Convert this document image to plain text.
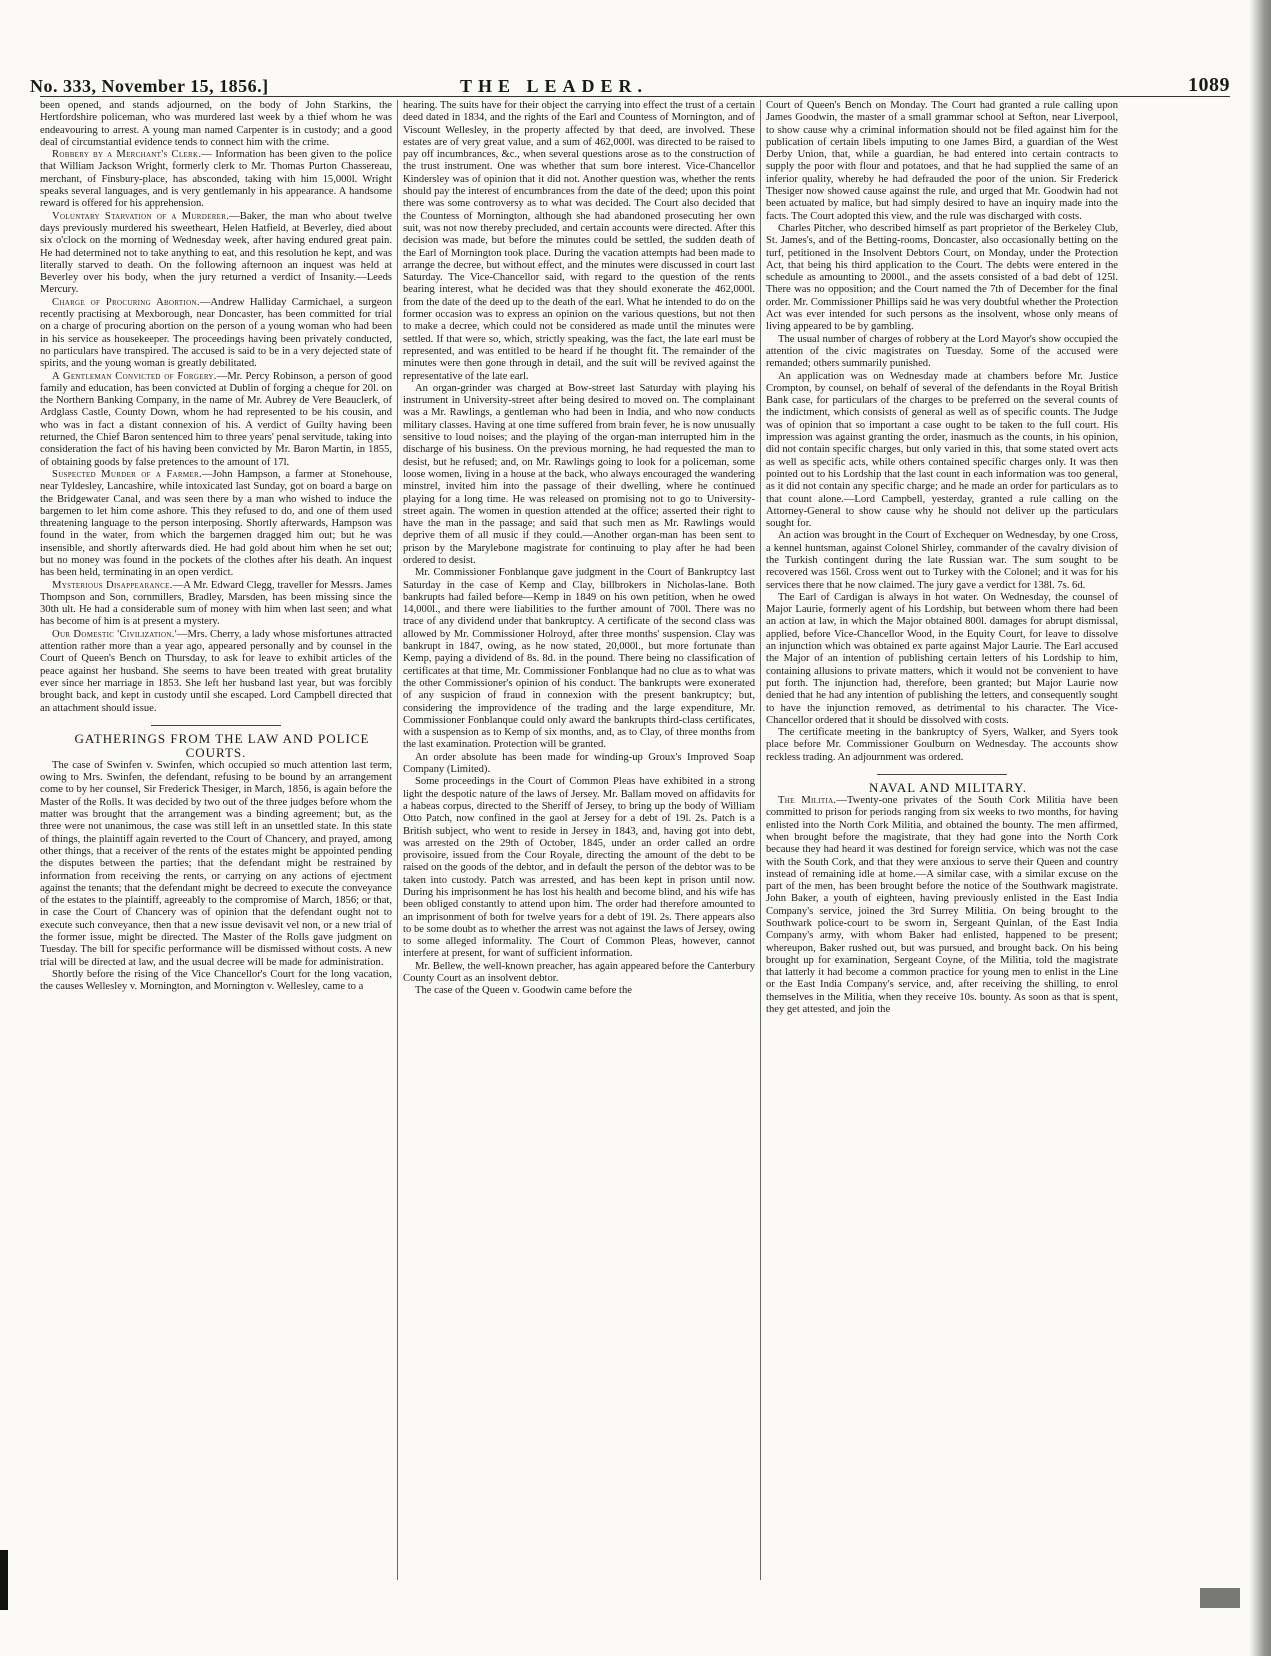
No. 333, November 15, 1856.]	THE LEADER.	1089

been opened, and stands adjourned, on the body of John Starkins, the Hertfordshire policeman, who was murdered last week by a thief whom he was endeavouring to arrest. A young man named Carpenter is in custody; and a good deal of circumstantial evidence tends to connect him with the crime.

Robbery by a Merchant's Clerk.— Information has been given to the police that William Jackson Wright, formerly clerk to Mr. Thomas Purton Chassereau, merchant, of Finsbury-place, has absconded, taking with him 15,000l. Wright speaks several languages, and is very gentlemanly in his appearance. A handsome reward is offered for his apprehension.

Voluntary Starvation of a Murderer.—Baker, the man who about twelve days previously murdered his sweetheart, Helen Hatfield, at Beverley, died about six o'clock on the morning of Wednesday week, after having endured great pain. He had determined not to take anything to eat, and this resolution he kept, and was literally starved to death. On the following afternoon an inquest was held at Beverley over his body, when the jury returned a verdict of Insanity.—Leeds Mercury.

Charge of Procuring Abortion.—Andrew Halliday Carmichael, a surgeon recently practising at Mexborough, near Doncaster, has been committed for trial on a charge of procuring abortion on the person of a young woman who had been in his service as housekeeper. The proceedings having been privately conducted, no particulars have transpired. The accused is said to be in a very dejected state of spirits, and the young woman is greatly debilitated.

A Gentleman Convicted of Forgery.—Mr. Percy Robinson, a person of good family and education, has been convicted at Dublin of forging a cheque for 20l. on the Northern Banking Company, in the name of Mr. Aubrey de Vere Beauclerk, of Ardglass Castle, County Down, whom he had represented to be his cousin, and who was in fact a distant connexion of his. A verdict of Guilty having been returned, the Chief Baron sentenced him to three years' penal servitude, taking into consideration the fact of his having been convicted by Mr. Baron Martin, in 1855, of obtaining goods by false pretences to the amount of 17l.

Suspected Murder of a Farmer.—John Hampson, a farmer at Stonehouse, near Tyldesley, Lancashire, while intoxicated last Sunday, got on board a barge on the Bridgewater Canal, and was seen there by a man who wished to induce the bargemen to let him come ashore. This they refused to do, and one of them used threatening language to the person interposing. Shortly afterwards, Hampson was found in the water, from which the bargemen dragged him out; but he was insensible, and shortly afterwards died. He had gold about him when he set out; but no money was found in the pockets of the clothes after his death. An inquest has been held, terminating in an open verdict.

Mysterious Disappearance.—A Mr. Edward Clegg, traveller for Messrs. James Thompson and Son, cornmillers, Bradley, Marsden, has been missing since the 30th ult. He had a considerable sum of money with him when last seen; and what has become of him is at present a mystery.

Our Domestic 'Civilization.'—Mrs. Cherry, a lady whose misfortunes attracted attention rather more than a year ago, appeared personally and by counsel in the Court of Queen's Bench on Thursday, to ask for leave to exhibit articles of the peace against her husband. She seems to have been treated with great brutality ever since her marriage in 1853. She left her husband last year, but was forcibly brought back, and kept in custody until she escaped. Lord Campbell directed that an attachment should issue.

GATHERINGS FROM THE LAW AND POLICE COURTS.

The case of Swinfen v. Swinfen, which occupied so much attention last term, owing to Mrs. Swinfen, the defendant, refusing to be bound by an arrangement come to by her counsel, Sir Frederick Thesiger, in March, 1856, is again before the Master of the Rolls. It was decided by two out of the three judges before whom the matter was brought that the arrangement was a binding agreement; but, as the three were not unanimous, the case was still left in an unsettled state. In this state of things, the plaintiff again reverted to the Court of Chancery, and prayed, among other things, that a receiver of the rents of the estates might be appointed pending the disputes between the parties; that the defendant might be restrained by information from receiving the rents, or carrying on any actions of ejectment against the tenants; that the defendant might be decreed to execute the conveyance of the estates to the plaintiff, agreeably to the compromise of March, 1856; or that, in case the Court of Chancery was of opinion that the defendant ought not to execute such conveyance, then that a new issue devisavit vel non, or a new trial of the former issue, might be directed. The Master of the Rolls gave judgment on Tuesday. The bill for specific performance will be dismissed without costs. A new trial will be directed at law, and the usual decree will be made for administration.

Shortly before the rising of the Vice Chancellor's Court for the long vacation, the causes Wellesley v. Mornington, and Mornington v. Wellesley, came to a

hearing. The suits have for their object the carrying into effect the trust of a certain deed dated in 1834, and the rights of the Earl and Countess of Mornington, and of Viscount Wellesley, in the property affected by that deed, are involved. These estates are of very great value, and a sum of 462,000l. was directed to be raised to pay off incumbrances, &c., when several questions arose as to the construction of the trust instrument. One was whether that sum bore interest. Vice-Chancellor Kindersley was of opinion that it did not. Another question was, whether the rents should pay the interest of encumbrances from the date of the deed; upon this point there was some controversy as to what was decided. The Court also decided that the Countess of Mornington, although she had abandoned prosecuting her own suit, was not now thereby precluded, and certain accounts were directed. After this decision was made, but before the minutes could be settled, the sudden death of the Earl of Mornington took place. During the vacation attempts had been made to arrange the decree, but without effect, and the minutes were discussed in court last Saturday. The Vice-Chancellor said, with regard to the question of the rents bearing interest, what he decided was that they should exonerate the 462,000l. from the date of the deed up to the death of the earl. What he intended to do on the former occasion was to express an opinion on the various questions, but not then to make a decree, which could not be considered as made until the minutes were settled. If that were so, which, strictly speaking, was the fact, the late earl must be represented, and was entitled to be heard if he thought fit. The remainder of the minutes were then gone through in detail, and the suit will be revived against the representative of the late earl.

An organ-grinder was charged at Bow-street last Saturday with playing his instrument in University-street after being desired to moved on. The complainant was a Mr. Rawlings, a gentleman who had been in India, and who now conducts military classes. Having at one time suffered from brain fever, he is now unusually sensitive to loud noises; and the playing of the organ-man interrupted him in the discharge of his business. On the previous morning, he had requested the man to desist, but he refused; and, on Mr. Rawlings going to look for a policeman, some loose women, living in a house at the back, who always encouraged the wandering minstrel, invited him into the passage of their dwelling, where he continued playing for a long time. He was released on promising not to go to University-street again. The women in question attended at the office; asserted their right to have the man in the passage; and said that such men as Mr. Rawlings would deprive them of all music if they could.—Another organ-man has been sent to prison by the Marylebone magistrate for continuing to play after he had been ordered to desist.

Mr. Commissioner Fonblanque gave judgment in the Court of Bankruptcy last Saturday in the case of Kemp and Clay, billbrokers in Nicholas-lane. Both bankrupts had failed before—Kemp in 1849 on his own petition, when he owed 14,000l., and there were liabilities to the further amount of 700l. There was no trace of any dividend under that bankruptcy. A certificate of the second class was allowed by Mr. Commissioner Holroyd, after three months' suspension. Clay was bankrupt in 1847, owing, as he now stated, 20,000l., but more fortunate than Kemp, paying a dividend of 8s. 8d. in the pound. There being no classification of certificates at that time, Mr. Commissioner Fonblanque had no clue as to what was the other Commissioner's opinion of his conduct. The bankrupts were exonerated of any suspicion of fraud in connexion with the present bankruptcy; but, considering the improvidence of the trading and the large expenditure, Mr. Commissioner Fonblanque could only award the bankrupts third-class certificates, with a suspension as to Kemp of six months, and, as to Clay, of three months from the last examination. Protection will be granted.

An order absolute has been made for winding-up Groux's Improved Soap Company (Limited).

Some proceedings in the Court of Common Pleas have exhibited in a strong light the despotic nature of the laws of Jersey. Mr. Ballam moved on affidavits for a habeas corpus, directed to the Sheriff of Jersey, to bring up the body of William Otto Patch, now confined in the gaol at Jersey for a debt of 19l. 2s. Patch is a British subject, who went to reside in Jersey in 1843, and, having got into debt, was arrested on the 29th of October, 1845, under an order called an ordre provisoire, issued from the Cour Royale, directing the amount of the debt to be raised on the goods of the debtor, and in default the person of the debtor was to be taken into custody. Patch was arrested, and has been kept in prison until now. During his imprisonment he has lost his health and become blind, and his wife has been obliged constantly to attend upon him. The order had therefore amounted to an imprisonment of both for twelve years for a debt of 19l. 2s. There appears also to be some doubt as to whether the arrest was not against the laws of Jersey, owing to some alleged informality. The Court of Common Pleas, however, cannot interfere at present, for want of sufficient information.

Mr. Bellew, the well-known preacher, has again appeared before the Canterbury County Court as an insolvent debtor.

The case of the Queen v. Goodwin came before the

Court of Queen's Bench on Monday. The Court had granted a rule calling upon James Goodwin, the master of a small grammar school at Sefton, near Liverpool, to show cause why a criminal information should not be filed against him for the publication of certain libels imputing to one James Bird, a guardian of the West Derby Union, that, while a guardian, he had entered into certain contracts to supply the poor with flour and potatoes, and that he had supplied the same of an inferior quality, whereby he had defrauded the poor of the union. Sir Frederick Thesiger now showed cause against the rule, and urged that Mr. Goodwin had not been actuated by malice, but had simply desired to have an inquiry made into the facts. The Court adopted this view, and the rule was discharged with costs.

Charles Pitcher, who described himself as part proprietor of the Berkeley Club, St. James's, and of the Betting-rooms, Doncaster, also occasionally betting on the turf, petitioned in the Insolvent Debtors Court, on Monday, under the Protection Act, that being his third application to the Court. The debts were entered in the schedule as amounting to 2000l., and the assets consisted of a bad debt of 125l. There was no opposition; and the Court named the 7th of December for the final order. Mr. Commissioner Phillips said he was very doubtful whether the Protection Act was ever intended for such persons as the insolvent, whose only means of living appeared to be by gambling.

The usual number of charges of robbery at the Lord Mayor's show occupied the attention of the civic magistrates on Tuesday. Some of the accused were remanded; others summarily punished.

An application was on Wednesday made at chambers before Mr. Justice Crompton, by counsel, on behalf of several of the defendants in the Royal British Bank case, for particulars of the charges to be preferred on the several counts of the indictment, which consists of general as well as of specific counts. The Judge was of opinion that so important a case ought to be taken to the full court. His impression was against granting the order, inasmuch as the counts, in his opinion, did not contain specific charges, but only varied in this, that some stated overt acts as well as specific acts, while others contained specific charges only. It was then pointed out to his Lordship that the last count in each information was too general, as it did not contain any specific charge; and he made an order for particulars as to that count alone.—Lord Campbell, yesterday, granted a rule calling on the Attorney-General to show cause why he should not deliver up the particulars sought for.

An action was brought in the Court of Exchequer on Wednesday, by one Cross, a kennel huntsman, against Colonel Shirley, commander of the cavalry division of the Turkish contingent during the late Russian war. The sum sought to be recovered was 156l. Cross went out to Turkey with the Colonel; and it was for his services there that he now claimed. The jury gave a verdict for 138l. 7s. 6d.

The Earl of Cardigan is always in hot water. On Wednesday, the counsel of Major Laurie, formerly agent of his Lordship, but between whom there had been an action at law, in which the Major obtained 800l. damages for abrupt dismissal, applied, before Vice-Chancellor Wood, in the Equity Court, for leave to dissolve an injunction which was obtained ex parte against Major Laurie. The Earl accused the Major of an intention of publishing certain letters of his Lordship to him, containing allusions to private matters, which it would not be convenient to have put forth. The injunction had, therefore, been granted; but Major Laurie now denied that he had any intention of publishing the letters, and consequently sought to have the injunction removed, as detrimental to his character. The Vice-Chancellor ordered that it should be dissolved with costs.

The certificate meeting in the bankruptcy of Syers, Walker, and Syers took place before Mr. Commissioner Goulburn on Wednesday. The accounts show reckless trading. An adjournment was ordered.

NAVAL AND MILITARY.

The Militia.—Twenty-one privates of the South Cork Militia have been committed to prison for periods ranging from six weeks to two months, for having enlisted into the North Cork Militia, and obtained the bounty. The men affirmed, when brought before the magistrate, that they had gone into the North Cork because they had heard it was destined for foreign service, which was not the case with the South Cork, and that they were anxious to serve their Queen and country instead of remaining idle at home.—A similar case, with a similar excuse on the part of the men, has been brought before the notice of the Southwark magistrate. John Baker, a youth of eighteen, having previously enlisted in the East India Company's service, joined the 3rd Surrey Militia. On being brought to the Southwark police-court to be sworn in, Sergeant Quinlan, of the East India Company's army, with whom Baker had enlisted, happened to be present; whereupon, Baker rushed out, but was pursued, and brought back. On his being brought up for examination, Sergeant Coyne, of the Militia, told the magistrate that latterly it had become a common practice for young men to enlist in the Line or the East India Company's service, and, after receiving the shilling, to enrol themselves in the Militia, when they receive 10s. bounty. As soon as that is spent, they get attested, and join the
